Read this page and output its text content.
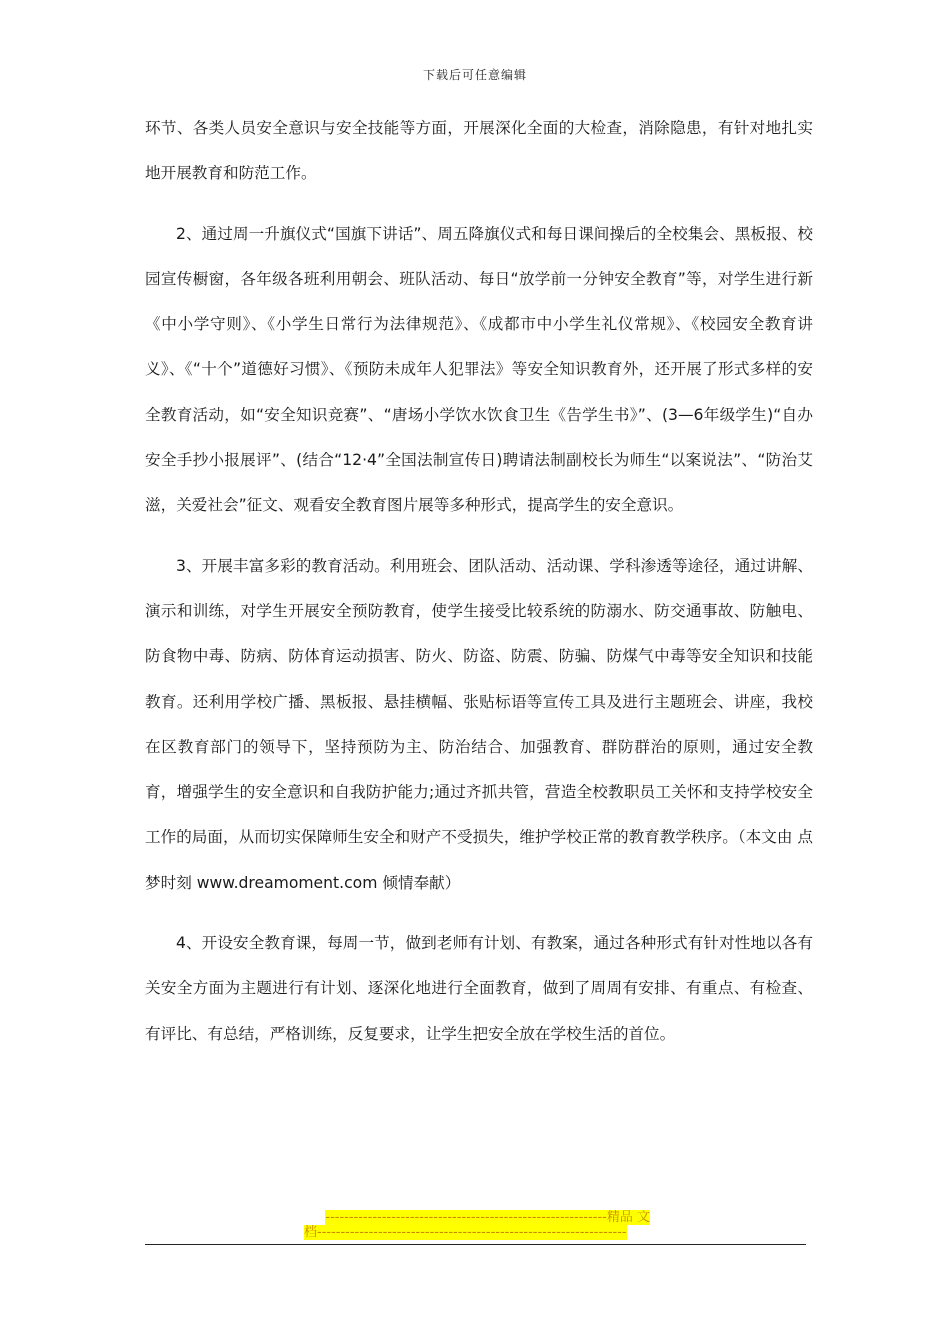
下载后可任意编辑

环节、各类人员安全意识与安全技能等方面，开展深化全面的大检查，消除隐患，有针对地扎实地开展教育和防范工作。

2、通过周一升旗仪式“国旗下讲话”、周五降旗仪式和每日课间操后的全校集会、黑板报、校园宣传橱窗，各年级各班利用朝会、班队活动、每日“放学前一分钟安全教育”等，对学生进行新《中小学守则》、《小学生日常行为法律规范》、《成都市中小学生礼仪常规》、《校园安全教育讲义》、《“十个”道德好习惯》、《预防未成年人犯罪法》等安全知识教育外，还开展了形式多样的安全教育活动，如“安全知识竞赛”、“唐场小学饮水饮食卫生《告学生书》”、(3—6年级学生)“自办安全手抄小报展评”、(结合“12·4”全国法制宣传日)聘请法制副校长为师生“以案说法”、“防治艾滋，关爱社会”征文、观看安全教育图片展等多种形式，提高学生的安全意识。

3、开展丰富多彩的教育活动。利用班会、团队活动、活动课、学科渗透等途径，通过讲解、演示和训练，对学生开展安全预防教育，使学生接受比较系统的防溺水、防交通事故、防触电、防食物中毒、防病、防体育运动损害、防火、防盗、防震、防骗、防煤气中毒等安全知识和技能教育。还利用学校广播、黑板报、悬挂横幅、张贴标语等宣传工具及进行主题班会、讲座，我校在区教育部门的领导下，坚持预防为主、防治结合、加强教育、群防群治的原则，通过安全教育，增强学生的安全意识和自我防护能力;通过齐抓共管，营造全校教职员工关怀和支持学校安全工作的局面，从而切实保障师生安全和财产不受损失，维护学校正常的教育教学秩序。（本文由 点梦时刻 www.dreamoment.com 倾情奉献）

4、开设安全教育课，每周一节，做到老师有计划、有教案，通过各种形式有针对性地以各有关安全方面为主题进行有计划、逐深化地进行全面教育，做到了周周有安排、有重点、有检查、有评比、有总结，严格训练，反复要求，让学生把安全放在学校生活的首位。

------------------------------------------------------------精品 文
档------------------------------------------------------------------
